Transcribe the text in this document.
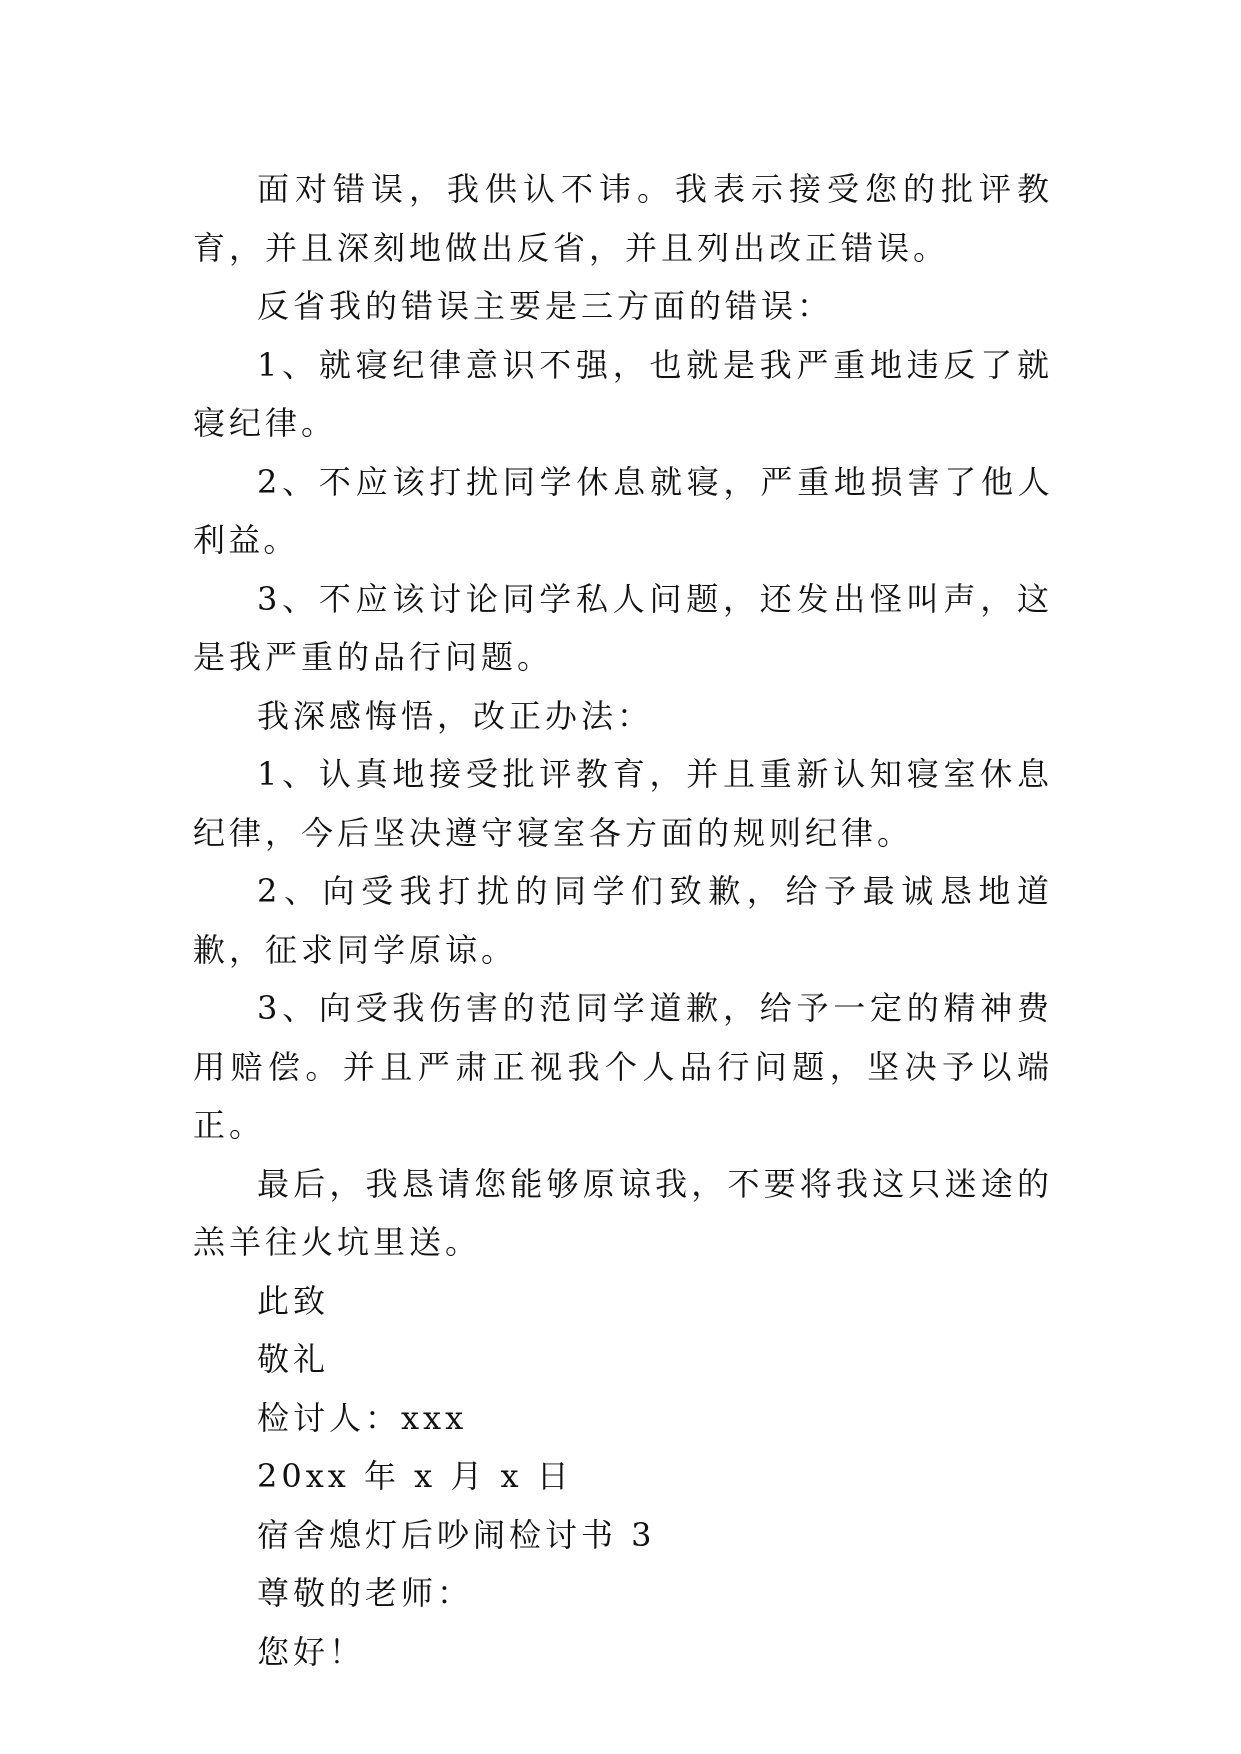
面对错误，我供认不讳。我表示接受您的批评教育，并且深刻地做出反省，并且列出改正错误。

反省我的错误主要是三方面的错误：

1、就寝纪律意识不强，也就是我严重地违反了就寝纪律。

2、不应该打扰同学休息就寝，严重地损害了他人利益。

3、不应该讨论同学私人问题，还发出怪叫声，这是我严重的品行问题。

我深感悔悟，改正办法：

1、认真地接受批评教育，并且重新认知寝室休息纪律，今后坚决遵守寝室各方面的规则纪律。

2、向受我打扰的同学们致歉，给予最诚恳地道歉，征求同学原谅。

3、向受我伤害的范同学道歉，给予一定的精神费用赔偿。并且严肃正视我个人品行问题，坚决予以端正。

最后，我恳请您能够原谅我，不要将我这只迷途的羔羊往火坑里送。

此致

敬礼

检讨人：xxx

20xx 年 x 月 x 日

宿舍熄灯后吵闹检讨书 3

尊敬的老师：

您好！
